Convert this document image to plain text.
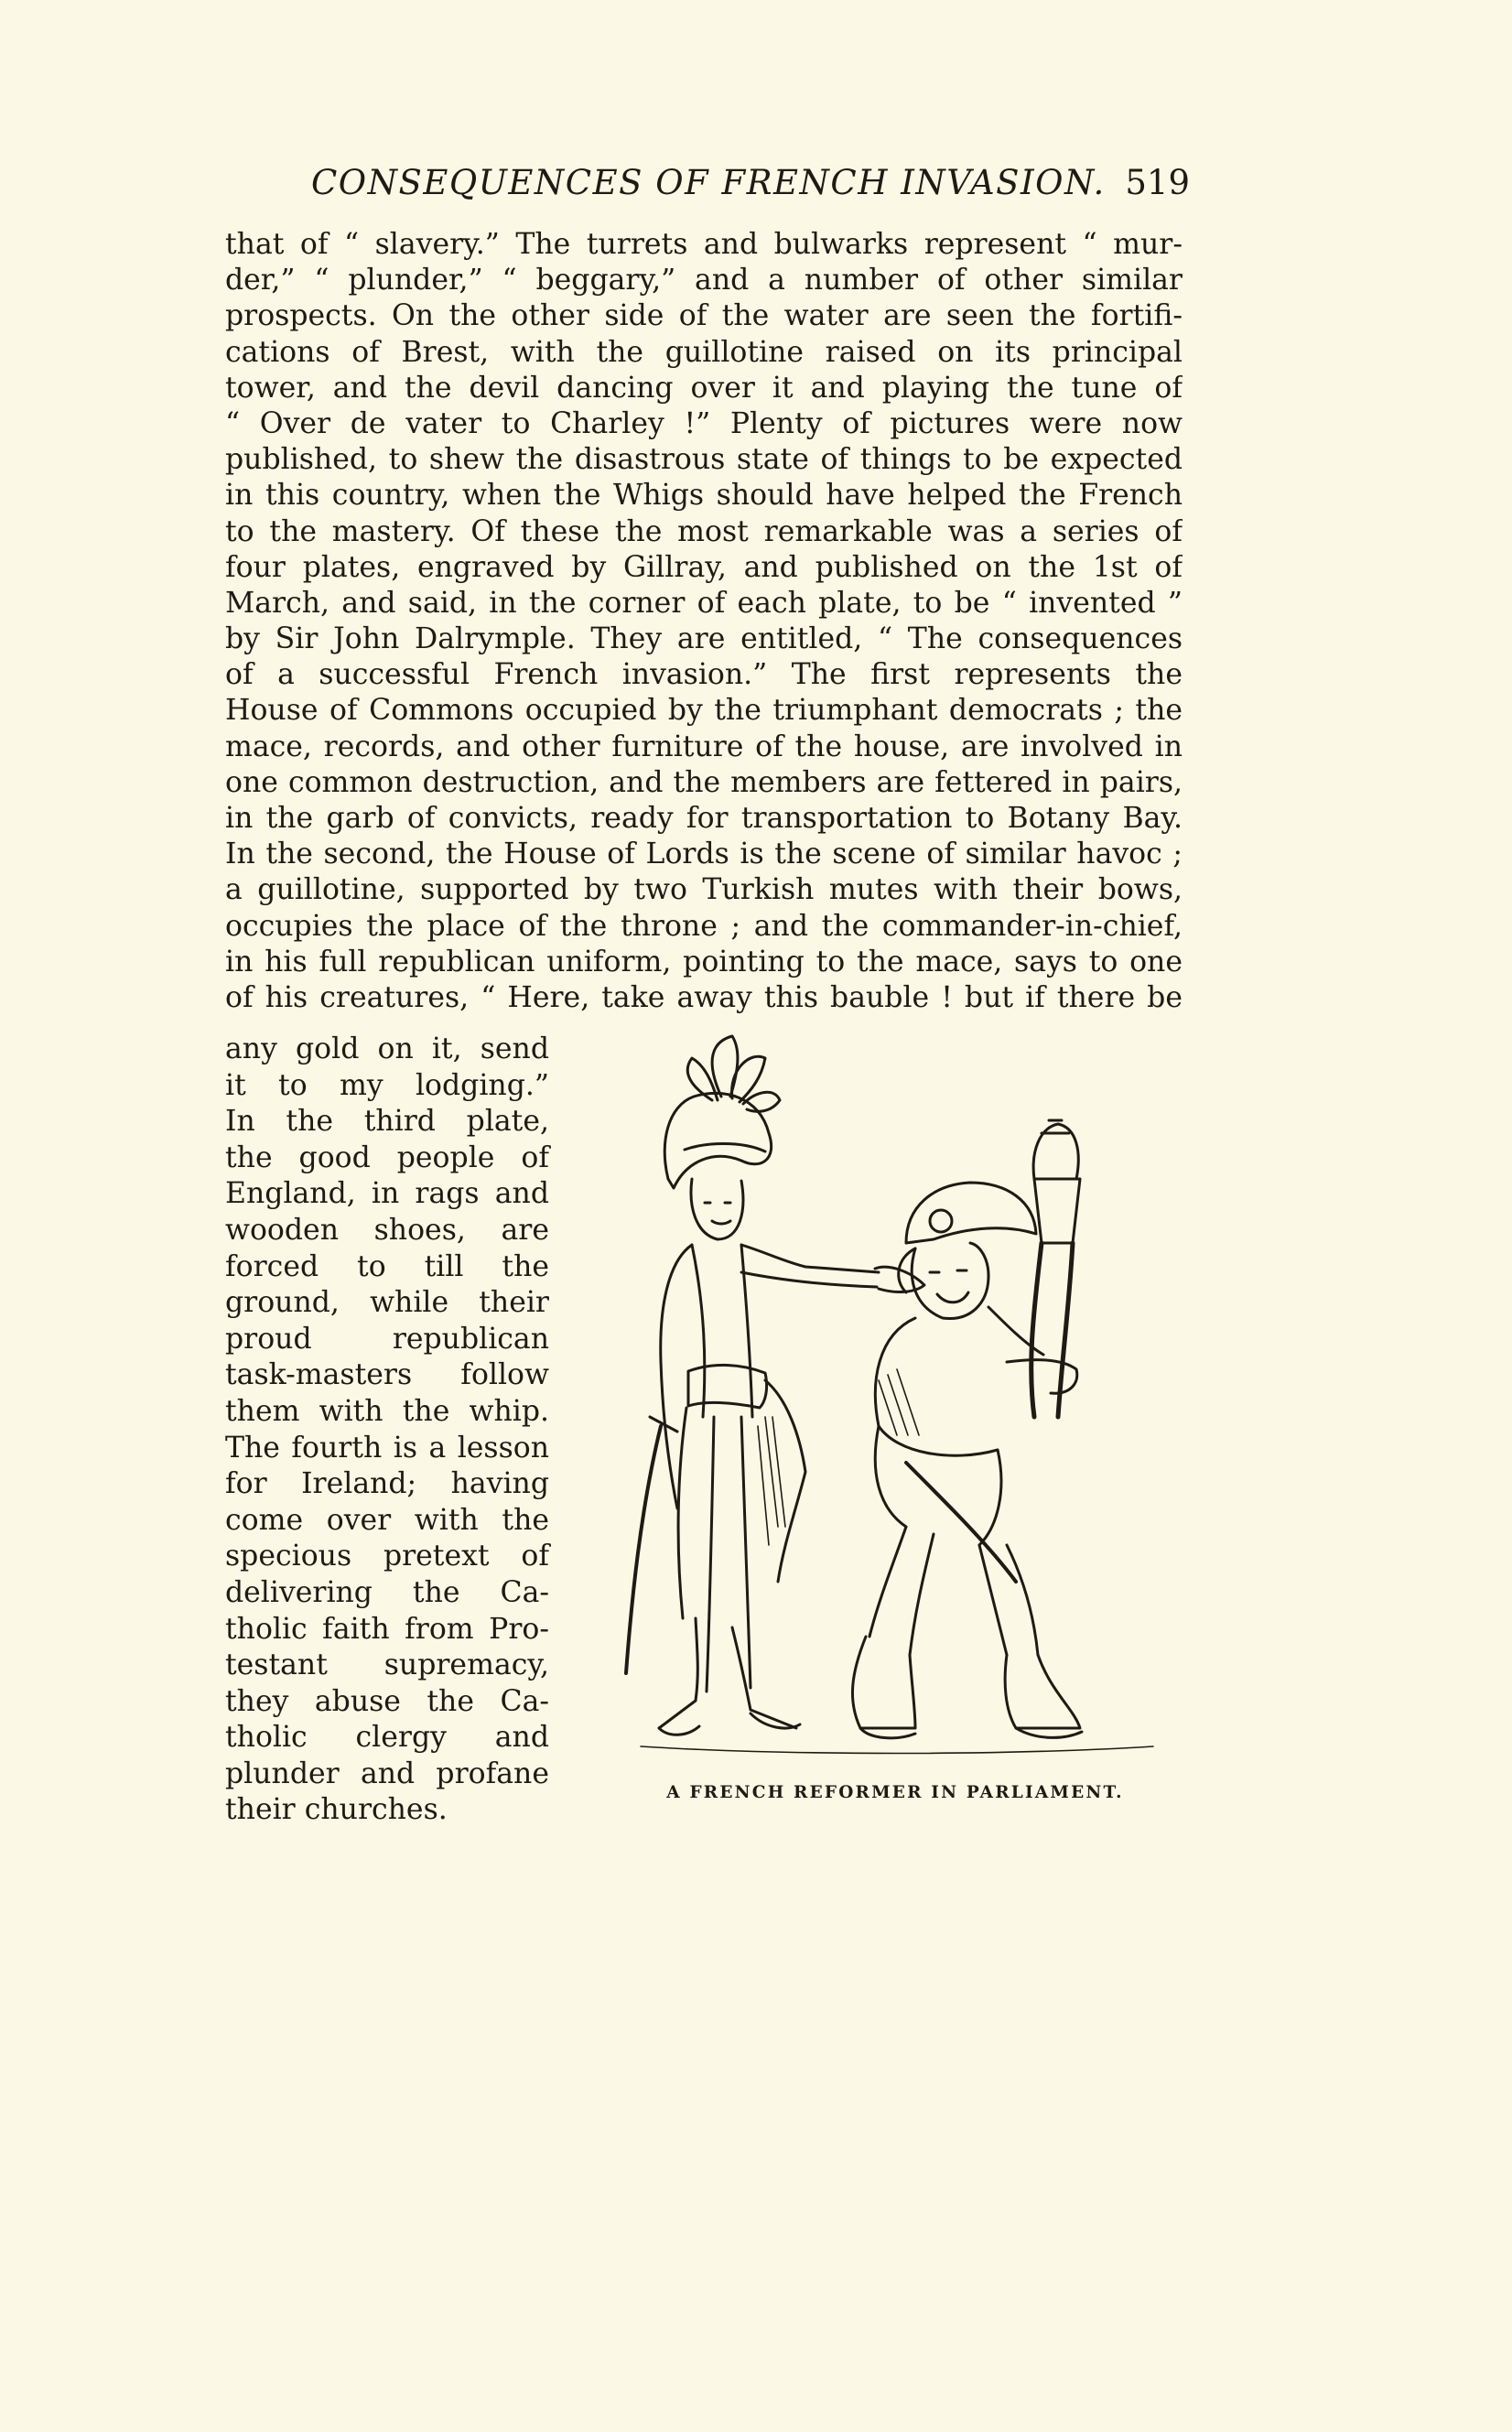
CONSEQUENCES OF FRENCH INVASION. 519
that of “ slavery.” The turrets and bulwarks represent “ mur-
der,” “ plunder,” “ beggary,” and a number of other similar
prospects. On the other side of the water are seen the fortifi-
cations of Brest, with the guillotine raised on its principal
tower, and the devil dancing over it and playing the tune of
“ Over de vater to Charley !” Plenty of pictures were now
published, to shew the disastrous state of things to be expected
in this country, when the Whigs should have helped the French
to the mastery. Of these the most remarkable was a series of
four plates, engraved by Gillray, and published on the 1st of
March, and said, in the corner of each plate, to be “ invented ”
by Sir John Dalrymple. They are entitled, “ The consequences
of a successful French invasion.” The first represents the
House of Commons occupied by the triumphant democrats ; the
mace, records, and other furniture of the house, are involved in
one common destruction, and the members are fettered in pairs,
in the garb of convicts, ready for transportation to Botany Bay.
In the second, the House of Lords is the scene of similar havoc ;
a guillotine, supported by two Turkish mutes with their bows,
occupies the place of the throne ; and the commander-in-chief,
in his full republican uniform, pointing to the mace, says to one
of his creatures, “ Here, take away this bauble ! but if there be
any gold on it, send
it to my lodging.”
In the third plate,
the good people of
England, in rags and
wooden shoes, are
forced to till the
ground, while their
proud republican
task-masters follow
them with the whip.
The fourth is a lesson
for Ireland; having
come over with the
specious pretext of
delivering the Ca-
tholic faith from Pro-
testant supremacy,
they abuse the Ca-
tholic clergy and
plunder and profane
their churches.
A FRENCH REFORMER IN PARLIAMENT.
